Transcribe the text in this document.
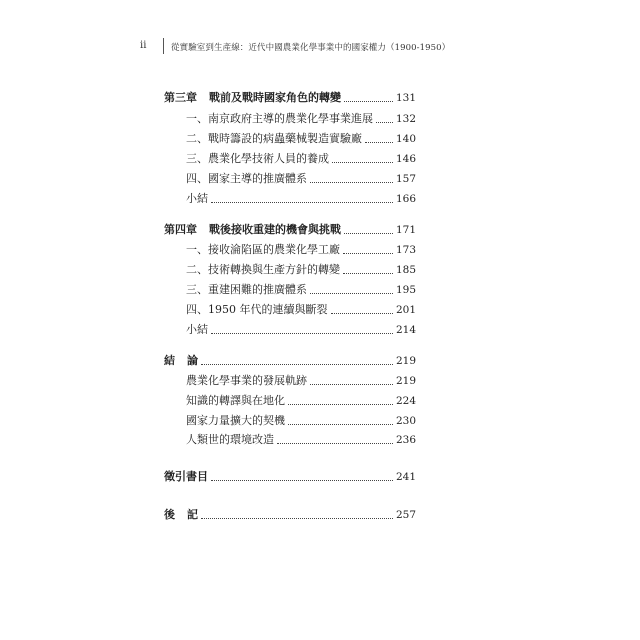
ii	從實驗室到生產線：近代中國農業化學事業中的國家權力（1900-1950）
第三章 戰前及戰時國家角色的轉變	131
一、南京政府主導的農業化學事業進展 132
二、戰時籌設的病蟲藥械製造實驗廠	140
三、農業化學技術人員的養成	146
四、國家主導的推廣體系	157
小結	166
第四章 戰後接收重建的機會與挑戰	171
一、接收淪陷區的農業化學工廠	173
二、技術轉換與生產方針的轉變	185
三、重建困難的推廣體系	195
四、1950 年代的連續與斷裂	201
小結	214
結 論	219
農業化學事業的發展軌跡	219
知識的轉譯與在地化	224
國家力量擴大的契機	230
人類世的環境改造	236
徵引書目	241
後 記	257
